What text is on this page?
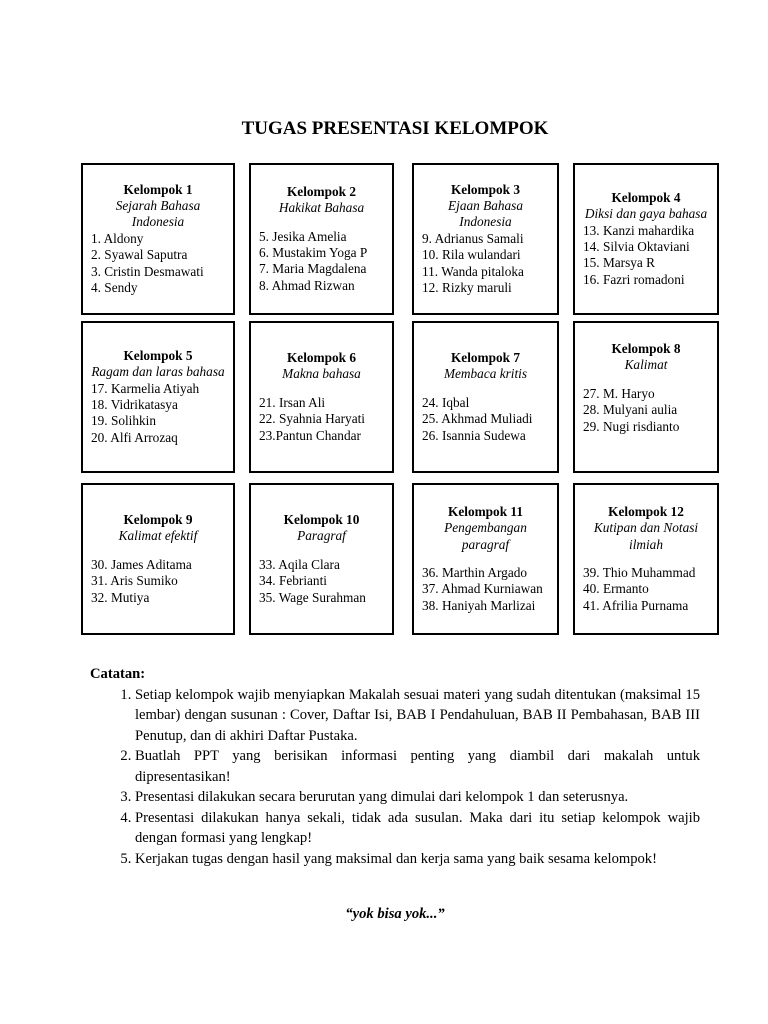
TUGAS PRESENTASI KELOMPOK
Kelompok 1
Sejarah Bahasa Indonesia
1. Aldony
2. Syawal Saputra
3. Cristin Desmawati
4. Sendy
Kelompok 2
Hakikat Bahasa
5. Jesika Amelia
6. Mustakim Yoga P
7. Maria Magdalena
8. Ahmad Rizwan
Kelompok 3
Ejaan Bahasa Indonesia
9. Adrianus Samali
10. Rila wulandari
11. Wanda pitaloka
12. Rizky maruli
Kelompok 4
Diksi dan gaya bahasa
13. Kanzi mahardika
14. Silvia Oktaviani
15. Marsya R
16. Fazri romadoni
Kelompok 5
Ragam dan laras bahasa
17. Karmelia Atiyah
18. Vidrikatasya
19. Solihkin
20. Alfi Arrozaq
Kelompok 6
Makna bahasa
21. Irsan Ali
22. Syahnia Haryati
23.Pantun Chandar
Kelompok 7
Membaca kritis
24. Iqbal
25. Akhmad Muliadi
26. Isannia Sudewa
Kelompok 8
Kalimat
27. M. Haryo
28. Mulyani aulia
29. Nugi risdianto
Kelompok 9
Kalimat efektif
30. James Aditama
31. Aris Sumiko
32. Mutiya
Kelompok 10
Paragraf
33. Aqila Clara
34. Febrianti
35. Wage Surahman
Kelompok 11
Pengembangan paragraf
36. Marthin Argado
37. Ahmad Kurniawan
38. Haniyah Marlizai
Kelompok 12
Kutipan dan Notasi ilmiah
39. Thio Muhammad
40. Ermanto
41. Afrilia Purnama
Catatan:
1. Setiap kelompok wajib menyiapkan Makalah sesuai materi yang sudah ditentukan (maksimal 15 lembar) dengan susunan : Cover, Daftar Isi, BAB I Pendahuluan, BAB II Pembahasan, BAB III Penutup, dan di akhiri Daftar Pustaka.
2. Buatlah PPT yang berisikan informasi penting yang diambil dari makalah untuk dipresentasikan!
3. Presentasi dilakukan secara berurutan yang dimulai dari kelompok 1 dan seterusnya.
4. Presentasi dilakukan hanya sekali, tidak ada susulan. Maka dari itu setiap kelompok wajib dengan formasi yang lengkap!
5. Kerjakan tugas dengan hasil yang maksimal dan kerja sama yang baik sesama kelompok!
“yok bisa yok...”
